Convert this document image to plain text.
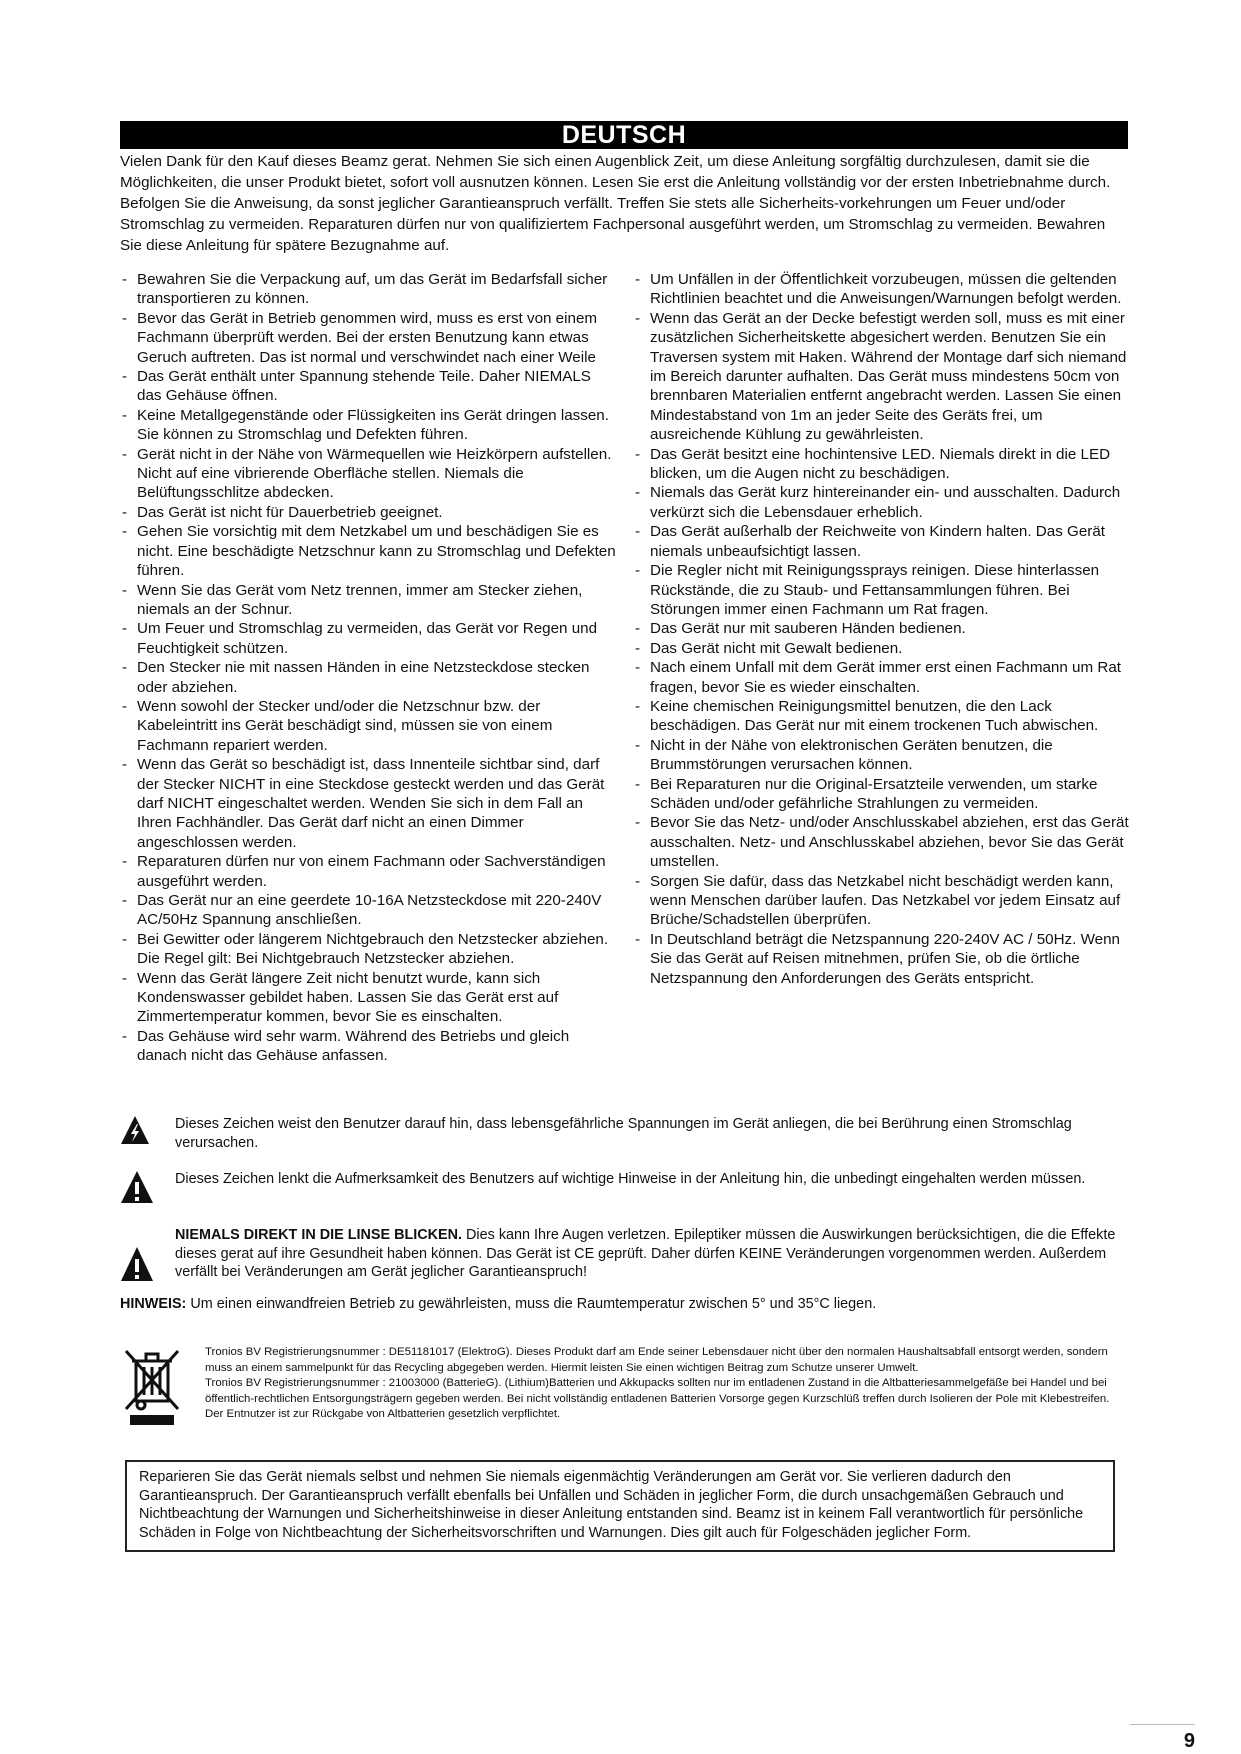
DEUTSCH

Vielen Dank für den Kauf dieses Beamz gerat. Nehmen Sie sich einen Augenblick Zeit, um diese Anleitung sorgfältig durchzulesen, damit sie die Möglichkeiten, die unser Produkt bietet, sofort voll ausnutzen können. Lesen Sie erst die Anleitung vollständig vor der ersten Inbetriebnahme durch. Befolgen Sie die Anweisung, da sonst jeglicher Garantieanspruch verfällt. Treffen Sie stets alle Sicherheits-vorkehrungen um Feuer und/oder Stromschlag zu vermeiden. Reparaturen dürfen nur von qualifiziertem Fachpersonal ausgeführt werden, um Stromschlag zu vermeiden. Bewahren Sie diese Anleitung für spätere Bezugnahme auf.

- Bewahren Sie die Verpackung auf, um das Gerät im Bedarfsfall sicher transportieren zu können.
- Bevor das Gerät in Betrieb genommen wird, muss es erst von einem Fachmann überprüft werden. Bei der ersten Benutzung kann etwas Geruch auftreten. Das ist normal und verschwindet nach einer Weile
- Das Gerät enthält unter Spannung stehende Teile. Daher NIEMALS das Gehäuse öffnen.
- Keine Metallgegenstände oder Flüssigkeiten ins Gerät dringen lassen. Sie können zu Stromschlag und Defekten führen.
- Gerät nicht in der Nähe von Wärmequellen wie Heizkörpern aufstellen. Nicht auf eine vibrierende Oberfläche stellen. Niemals die Belüftungsschlitze abdecken.
- Das Gerät ist nicht für Dauerbetrieb geeignet.
- Gehen Sie vorsichtig mit dem Netzkabel um und beschädigen Sie es nicht. Eine beschädigte Netzschnur kann zu Stromschlag und Defekten führen.
- Wenn Sie das Gerät vom Netz trennen, immer am Stecker ziehen, niemals an der Schnur.
- Um Feuer und Stromschlag zu vermeiden, das Gerät vor Regen und Feuchtigkeit schützen.
- Den Stecker nie mit nassen Händen in eine Netzsteckdose stecken oder abziehen.
- Wenn sowohl der Stecker und/oder die Netzschnur bzw. der Kabeleintritt ins Gerät beschädigt sind, müssen sie von einem Fachmann repariert werden.
- Wenn das Gerät so beschädigt ist, dass Innenteile sichtbar sind, darf der Stecker NICHT in eine Steckdose gesteckt werden und das Gerät darf NICHT eingeschaltet werden. Wenden Sie sich in dem Fall an Ihren Fachhändler. Das Gerät darf nicht an einen Dimmer angeschlossen werden.
- Reparaturen dürfen nur von einem Fachmann oder Sachverständigen ausgeführt werden.
- Das Gerät nur an eine geerdete 10-16A Netzsteckdose mit 220-240V AC/50Hz Spannung anschließen.
- Bei Gewitter oder längerem Nichtgebrauch den Netzstecker abziehen. Die Regel gilt: Bei Nichtgebrauch Netzstecker abziehen.
- Wenn das Gerät längere Zeit nicht benutzt wurde, kann sich Kondenswasser gebildet haben. Lassen Sie das Gerät erst auf Zimmertemperatur kommen, bevor Sie es einschalten.
- Das Gehäuse wird sehr warm. Während des Betriebs und gleich danach nicht das Gehäuse anfassen.
- Um Unfällen in der Öffentlichkeit vorzubeugen, müssen die geltenden Richtlinien beachtet und die Anweisungen/Warnungen befolgt werden.
- Wenn das Gerät an der Decke befestigt werden soll, muss es mit einer zusätzlichen Sicherheitskette abgesichert werden. Benutzen Sie ein Traversen system mit Haken. Während der Montage darf sich niemand im Bereich darunter aufhalten. Das Gerät muss mindestens 50cm von brennbaren Materialien entfernt angebracht werden. Lassen Sie einen Mindestabstand von 1m an jeder Seite des Geräts frei, um ausreichende Kühlung zu gewährleisten.
- Das Gerät besitzt eine hochintensive LED. Niemals direkt in die LED blicken, um die Augen nicht zu beschädigen.
- Niemals das Gerät kurz hintereinander ein- und ausschalten. Dadurch verkürzt sich die Lebensdauer erheblich.
- Das Gerät außerhalb der Reichweite von Kindern halten. Das Gerät niemals unbeaufsichtigt lassen.
- Die Regler nicht mit Reinigungssprays reinigen. Diese hinterlassen Rückstände, die zu Staub- und Fettansammlungen führen. Bei Störungen immer einen Fachmann um Rat fragen.
- Das Gerät nur mit sauberen Händen bedienen.
- Das Gerät nicht mit Gewalt bedienen.
- Nach einem Unfall mit dem Gerät immer erst einen Fachmann um Rat fragen, bevor Sie es wieder einschalten.
- Keine chemischen Reinigungsmittel benutzen, die den Lack beschädigen. Das Gerät nur mit einem trockenen Tuch abwischen.
- Nicht in der Nähe von elektronischen Geräten benutzen, die Brummstörungen verursachen können.
- Bei Reparaturen nur die Original-Ersatzteile verwenden, um starke Schäden und/oder gefährliche Strahlungen zu vermeiden.
- Bevor Sie das Netz- und/oder Anschlusskabel abziehen, erst das Gerät ausschalten. Netz- und Anschlusskabel abziehen, bevor Sie das Gerät umstellen.
- Sorgen Sie dafür, dass das Netzkabel nicht beschädigt werden kann, wenn Menschen darüber laufen. Das Netzkabel vor jedem Einsatz auf Brüche/Schadstellen überprüfen.
- In Deutschland beträgt die Netzspannung 220-240V AC / 50Hz. Wenn Sie das Gerät auf Reisen mitnehmen, prüfen Sie, ob die örtliche Netzspannung den Anforderungen des Geräts entspricht.

Dieses Zeichen weist den Benutzer darauf hin, dass lebensgefährliche Spannungen im Gerät anliegen, die bei Berührung einen Stromschlag verursachen.

Dieses Zeichen lenkt die Aufmerksamkeit des Benutzers auf wichtige Hinweise in der Anleitung hin, die unbedingt eingehalten werden müssen.

NIEMALS DIREKT IN DIE LINSE BLICKEN. Dies kann Ihre Augen verletzen. Epileptiker müssen die Auswirkungen berücksichtigen, die die Effekte dieses gerat auf ihre Gesundheit haben können. Das Gerät ist CE geprüft. Daher dürfen KEINE Veränderungen vorgenommen werden. Außerdem verfällt bei Veränderungen am Gerät jeglicher Garantieanspruch!

HINWEIS: Um einen einwandfreien Betrieb zu gewährleisten, muss die Raumtemperatur zwischen 5° und 35°C liegen.

Tronios BV Registrierungsnummer : DE51181017 (ElektroG). Dieses Produkt darf am Ende seiner Lebensdauer nicht über den normalen Haushaltsabfall entsorgt werden, sondern muss an einem sammelpunkt für das Recycling abgegeben werden. Hiermit leisten Sie einen wichtigen Beitrag zum Schutze unserer Umwelt.

Tronios BV Registrierungsnummer : 21003000 (BatterieG). (Lithium)Batterien und Akkupacks sollten nur im entladenen Zustand in die Altbatteriesammelgefäße bei Handel und bei öffentlich-rechtlichen Entsorgungsträgern gegeben werden. Bei nicht vollständig entladenen Batterien Vorsorge gegen Kurzschlüß treffen durch Isolieren der Pole mit Klebestreifen. Der Entnutzer ist zur Rückgabe von Altbatterien gesetzlich verpflichtet.

Reparieren Sie das Gerät niemals selbst und nehmen Sie niemals eigenmächtig Veränderungen am Gerät vor. Sie verlieren dadurch den Garantieanspruch. Der Garantieanspruch verfällt ebenfalls bei Unfällen und Schäden in jeglicher Form, die durch unsachgemäßen Gebrauch und Nichtbeachtung der Warnungen und Sicherheitshinweise in dieser Anleitung entstanden sind. Beamz ist in keinem Fall verantwortlich für persönliche Schäden in Folge von Nichtbeachtung der Sicherheitsvorschriften und Warnungen. Dies gilt auch für Folgeschäden jeglicher Form.

9
